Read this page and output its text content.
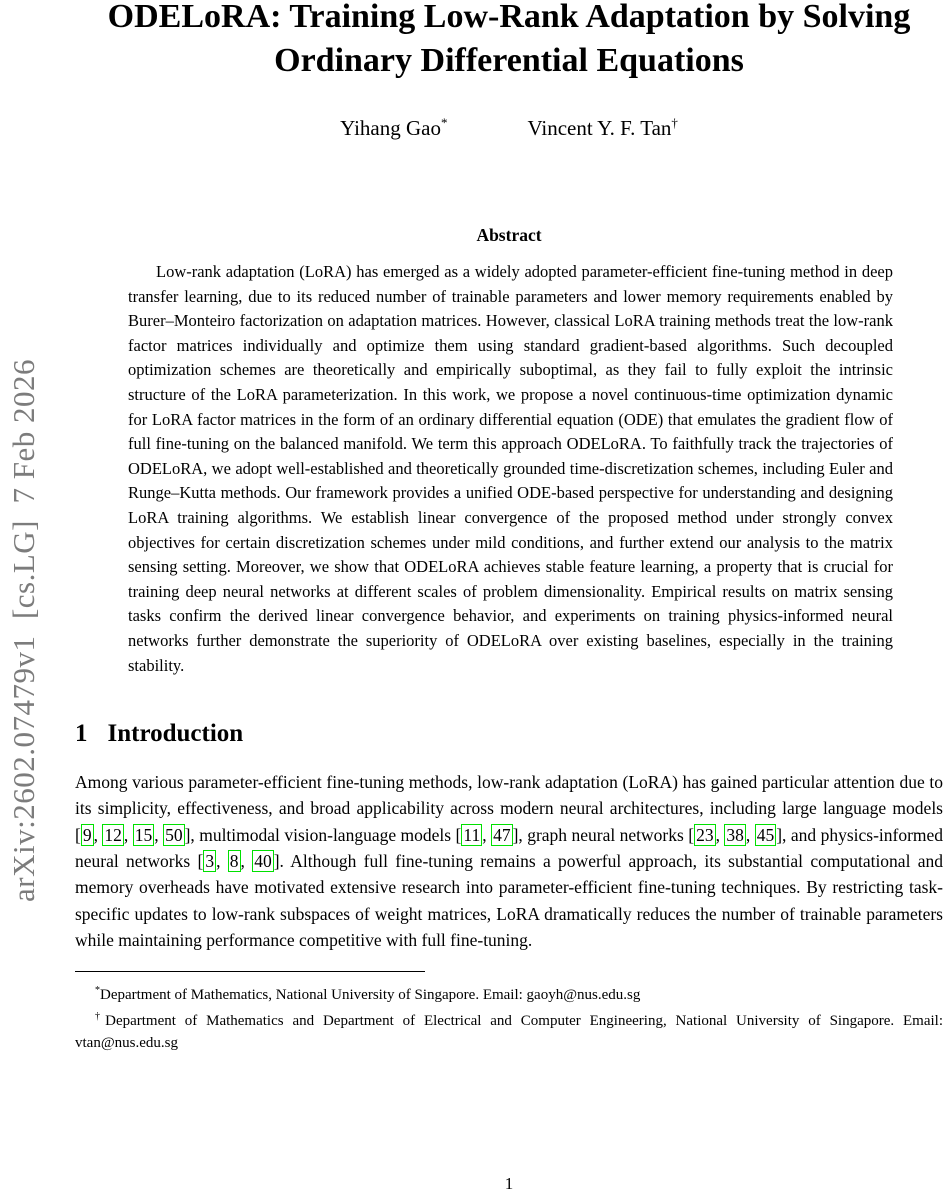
arXiv:2602.07479v1  [cs.LG]  7 Feb 2026
ODELoRA: Training Low-Rank Adaptation by Solving
Ordinary Differential Equations
Yihang Gao*	Vincent Y. F. Tan†
Abstract

Low-rank adaptation (LoRA) has emerged as a widely adopted parameter-efficient fine-tuning method in deep transfer learning, due to its reduced number of trainable parameters and lower memory requirements enabled by Burer–Monteiro factorization on adaptation matrices. However, classical LoRA training methods treat the low-rank factor matrices individually and optimize them using standard gradient-based algorithms. Such decoupled optimization schemes are theoretically and empirically suboptimal, as they fail to fully exploit the intrinsic structure of the LoRA parameterization. In this work, we propose a novel continuous-time optimization dynamic for LoRA factor matrices in the form of an ordinary differential equation (ODE) that emulates the gradient flow of full fine-tuning on the balanced manifold. We term this approach ODELoRA. To faithfully track the trajectories of ODELoRA, we adopt well-established and theoretically grounded time-discretization schemes, including Euler and Runge–Kutta methods. Our framework provides a unified ODE-based perspective for understanding and designing LoRA training algorithms. We establish linear convergence of the proposed method under strongly convex objectives for certain discretization schemes under mild conditions, and further extend our analysis to the matrix sensing setting. Moreover, we show that ODELoRA achieves stable feature learning, a property that is crucial for training deep neural networks at different scales of problem dimensionality. Empirical results on matrix sensing tasks confirm the derived linear convergence behavior, and experiments on training physics-informed neural networks further demonstrate the superiority of ODELoRA over existing baselines, especially in the training stability.

1 Introduction

Among various parameter-efficient fine-tuning methods, low-rank adaptation (LoRA) has gained particular attention due to its simplicity, effectiveness, and broad applicability across modern neural architectures, including large language models [ 9 , 12 , 15 , 50 ], multimodal vision-language models [ 11 , 47 ], graph neural networks [ 23 , 38 , 45 ], and physics-informed neural networks [ 3 , 8 , 40 ]. Although full fine-tuning remains a powerful approach, its substantial computational and memory overheads have motivated extensive research into parameter-efficient fine-tuning techniques. By restricting task-specific updates to low-rank subspaces of weight matrices, LoRA dramatically reduces the number of trainable parameters while maintaining performance competitive with full fine-tuning.

*Department of Mathematics, National University of Singapore. Email: gaoyh@nus.edu.sg

†Department of Mathematics and Department of Electrical and Computer Engineering, National University of Singapore. Email: vtan@nus.edu.sg

1
